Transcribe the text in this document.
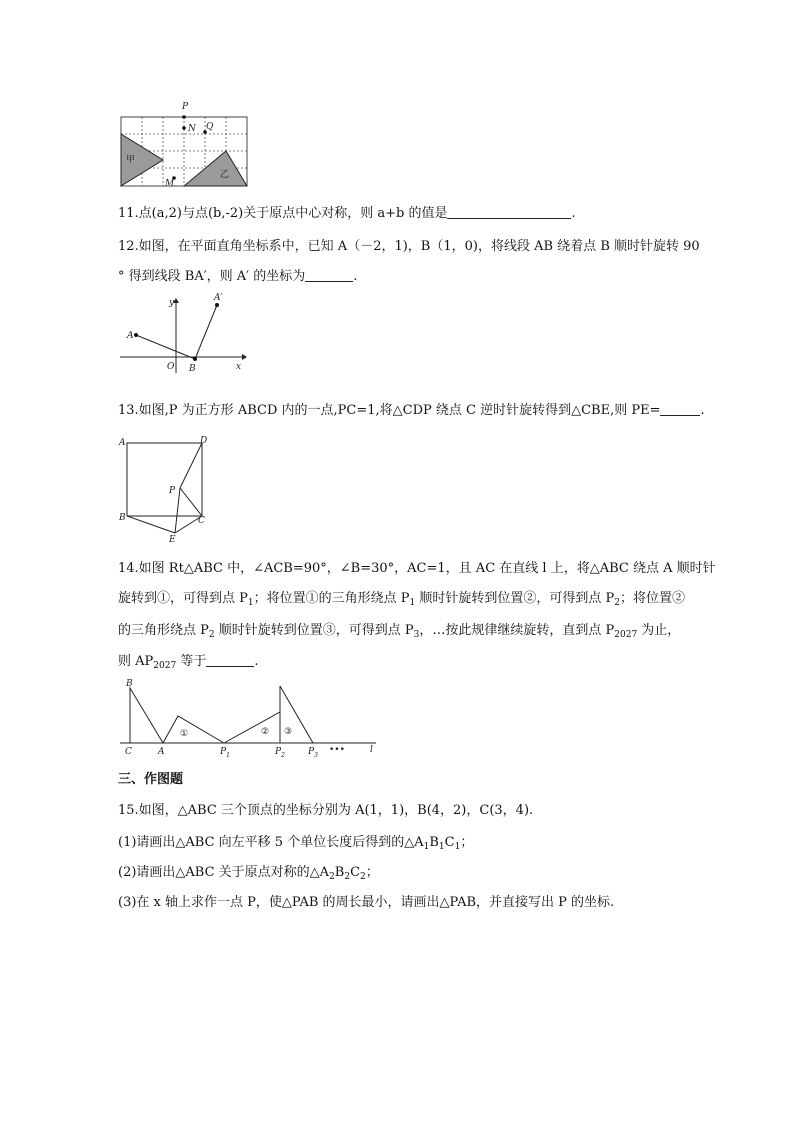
P
N Q
M
甲
乙
11.点(a,2)与点(b,-2)关于原点中心对称，则 a+b 的值是	.
12.如图，在平面直角坐标系中，已知 A（－2，1)，B（1，0)，将线段 AB 绕着点 B 顺时针旋转 90
° 得到线段 BA′，则 A′ 的坐标为	.
A
A′
y
x
O B
13.如图,P 为正方形 ABCD 内的一点,PC=1,将△CDP 绕点 C 逆时针旋转得到△CBE,则 PE=	.
A	D
P
B	C
E
14.如图 Rt△ABC 中，∠ACB=90°，∠B=30°，AC=1，且 AC 在直线 l 上，将△ABC 绕点 A 顺时针
旋转到①，可得到点 $P_1$；将位置①的三角形绕点 $P_1$ 顺时针旋转到位置②，可得到点 $P_2$；将位置②
的三角形绕点 $P_2$ 顺时针旋转到位置③，可得到点 $P_3$，…按此规律继续旋转，直到点 $P_{2027}$ 为止，
则 $AP_{2027}$ 等于	.
B
C	A	$P_1$	$P_2$	$P_3$
①	② ③
•••	l
三、作图题
15.如图，△ABC 三个顶点的坐标分别为 A(1，1)，B(4，2)，C(3，4).
(1)请画出△ABC 向左平移 5 个单位长度后得到的$\triangle A_1B_1C_1$；
(2)请画出△ABC 关于原点对称的$\triangle A_2B_2C_2$；
(3)在 x 轴上求作一点 P，使△PAB 的周长最小，请画出△PAB，并直接写出 P 的坐标.
